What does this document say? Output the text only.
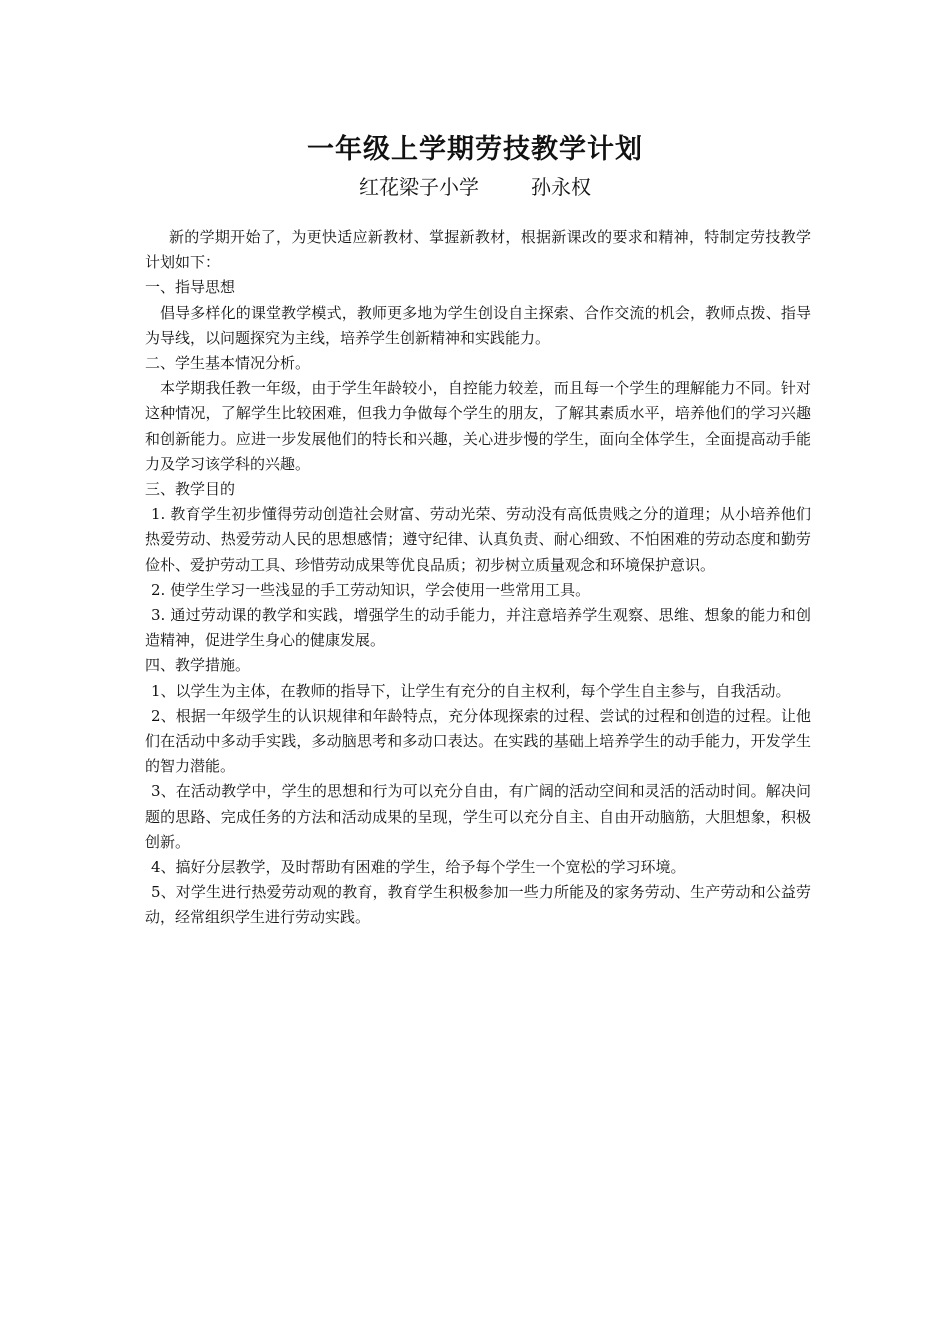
一年级上学期劳技教学计划
红花梁子小学	孙永权

新的学期开始了，为更快适应新教材、掌握新教材，根据新课改的要求和精神，特制定劳技教学计划如下：

一、指导思想

倡导多样化的课堂教学模式，教师更多地为学生创设自主探索、合作交流的机会，教师点拨、指导为导线，以问题探究为主线，培养学生创新精神和实践能力。

二、学生基本情况分析。

本学期我任教一年级，由于学生年龄较小，自控能力较差，而且每一个学生的理解能力不同。针对这种情况，了解学生比较困难，但我力争做每个学生的朋友，了解其素质水平，培养他们的学习兴趣和创新能力。应进一步发展他们的特长和兴趣，关心进步慢的学生，面向全体学生，全面提高动手能力及学习该学科的兴趣。

三、教学目的

1. 教育学生初步懂得劳动创造社会财富、劳动光荣、劳动没有高低贵贱之分的道理；从小培养他们热爱劳动、热爱劳动人民的思想感情；遵守纪律、认真负责、耐心细致、不怕困难的劳动态度和勤劳俭朴、爱护劳动工具、珍惜劳动成果等优良品质；初步树立质量观念和环境保护意识。

2. 使学生学习一些浅显的手工劳动知识，学会使用一些常用工具。

3. 通过劳动课的教学和实践，增强学生的动手能力，并注意培养学生观察、思维、想象的能力和创造精神，促进学生身心的健康发展。

四、教学措施。

1、以学生为主体，在教师的指导下，让学生有充分的自主权利，每个学生自主参与，自我活动。

2、根据一年级学生的认识规律和年龄特点，充分体现探索的过程、尝试的过程和创造的过程。让他们在活动中多动手实践，多动脑思考和多动口表达。在实践的基础上培养学生的动手能力，开发学生的智力潜能。

3、在活动教学中，学生的思想和行为可以充分自由，有广阔的活动空间和灵活的活动时间。解决问题的思路、完成任务的方法和活动成果的呈现，学生可以充分自主、自由开动脑筋，大胆想象，积极创新。

4、搞好分层教学，及时帮助有困难的学生，给予每个学生一个宽松的学习环境。

5、对学生进行热爱劳动观的教育，教育学生积极参加一些力所能及的家务劳动、生产劳动和公益劳动，经常组织学生进行劳动实践。
